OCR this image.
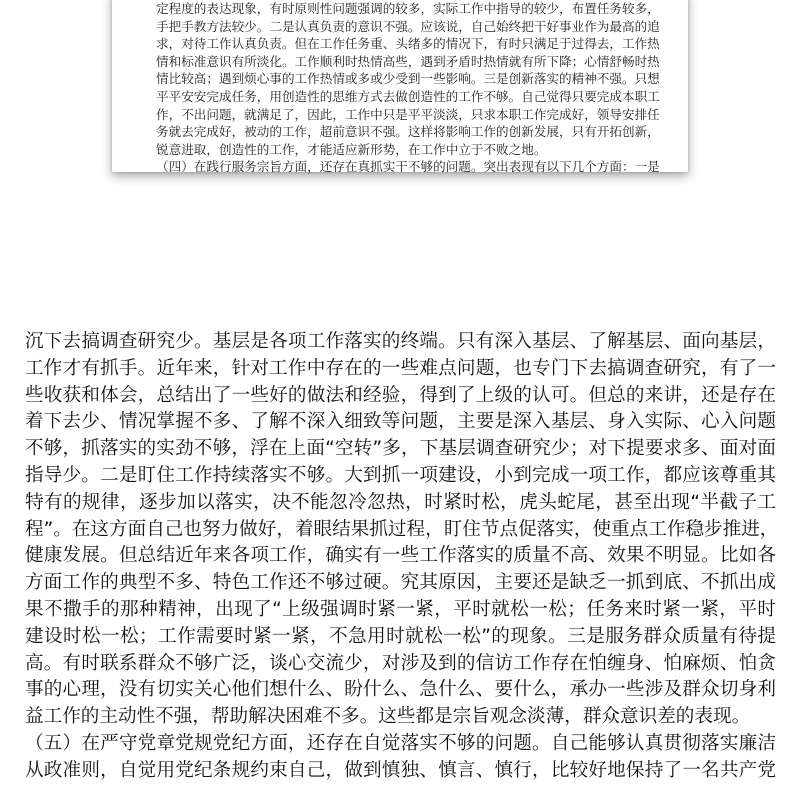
定程度的表达现象，有时原则性问题强调的较多，实际工作中指导的较少，布置任务较多，
手把手教方法较少。二是认真负责的意识不强。应该说，自己始终把干好事业作为最高的追
求，对待工作认真负责。但在工作任务重、头绪多的情况下，有时只满足于过得去，工作热
情和标准意识有所淡化。工作顺利时热情高些，遇到矛盾时热情就有所下降；心情舒畅时热
情比较高；遇到烦心事的工作热情或多或少受到一些影响。三是创新落实的精神不强。只想
平平安安完成任务，用创造性的思维方式去做创造性的工作不够。自己觉得只要完成本职工
作，不出问题，就满足了，因此，工作中只是平平淡淡，只求本职工作完成好，领导安排任
务就去完成好，被动的工作，超前意识不强。这样将影响工作的创新发展，只有开拓创新，
锐意进取，创造性的工作，才能适应新形势，在工作中立于不败之地。
（四）在践行服务宗旨方面，还存在真抓实干不够的问题。突出表现有以下几个方面：一是
沉下去搞调查研究少。基层是各项工作落实的终端。只有深入基层、了解基层、面向基层，
工作才有抓手。近年来，针对工作中存在的一些难点问题，也专门下去搞调查研究，有了一
些收获和体会，总结出了一些好的做法和经验，得到了上级的认可。但总的来讲，还是存在
着下去少、情况掌握不多、了解不深入细致等问题，主要是深入基层、身入实际、心入问题
不够，抓落实的实劲不够，浮在上面“空转”多，下基层调查研究少；对下提要求多、面对面
指导少。二是盯住工作持续落实不够。大到抓一项建设，小到完成一项工作，都应该尊重其
特有的规律，逐步加以落实，决不能忽冷忽热，时紧时松，虎头蛇尾，甚至出现“半截子工
程”。在这方面自己也努力做好，着眼结果抓过程，盯住节点促落实，使重点工作稳步推进，
健康发展。但总结近年来各项工作，确实有一些工作落实的质量不高、效果不明显。比如各
方面工作的典型不多、特色工作还不够过硬。究其原因，主要还是缺乏一抓到底、不抓出成
果不撒手的那种精神，出现了“上级强调时紧一紧，平时就松一松；任务来时紧一紧，平时
建设时松一松；工作需要时紧一紧，不急用时就松一松”的现象。三是服务群众质量有待提
高。有时联系群众不够广泛，谈心交流少，对涉及到的信访工作存在怕缠身、怕麻烦、怕贪
事的心理，没有切实关心他们想什么、盼什么、急什么、要什么，承办一些涉及群众切身利
益工作的主动性不强，帮助解决困难不多。这些都是宗旨观念淡薄，群众意识差的表现。
（五）在严守党章党规党纪方面，还存在自觉落实不够的问题。自己能够认真贯彻落实廉洁
从政准则，自觉用党纪条规约束自己，做到慎独、慎言、慎行，比较好地保持了一名共产党
